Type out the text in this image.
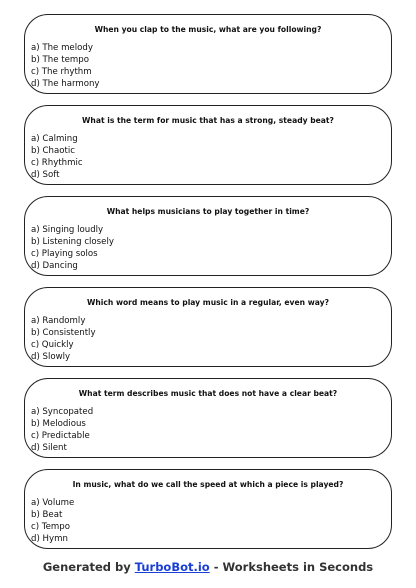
When you clap to the music, what are you following?
a) The melody
b) The tempo
c) The rhythm
d) The harmony
What is the term for music that has a strong, steady beat?
a) Calming
b) Chaotic
c) Rhythmic
d) Soft
What helps musicians to play together in time?
a) Singing loudly
b) Listening closely
c) Playing solos
d) Dancing
Which word means to play music in a regular, even way?
a) Randomly
b) Consistently
c) Quickly
d) Slowly
What term describes music that does not have a clear beat?
a) Syncopated
b) Melodious
c) Predictable
d) Silent
In music, what do we call the speed at which a piece is played?
a) Volume
b) Beat
c) Tempo
d) Hymn
Generated by TurboBot.io - Worksheets in Seconds
